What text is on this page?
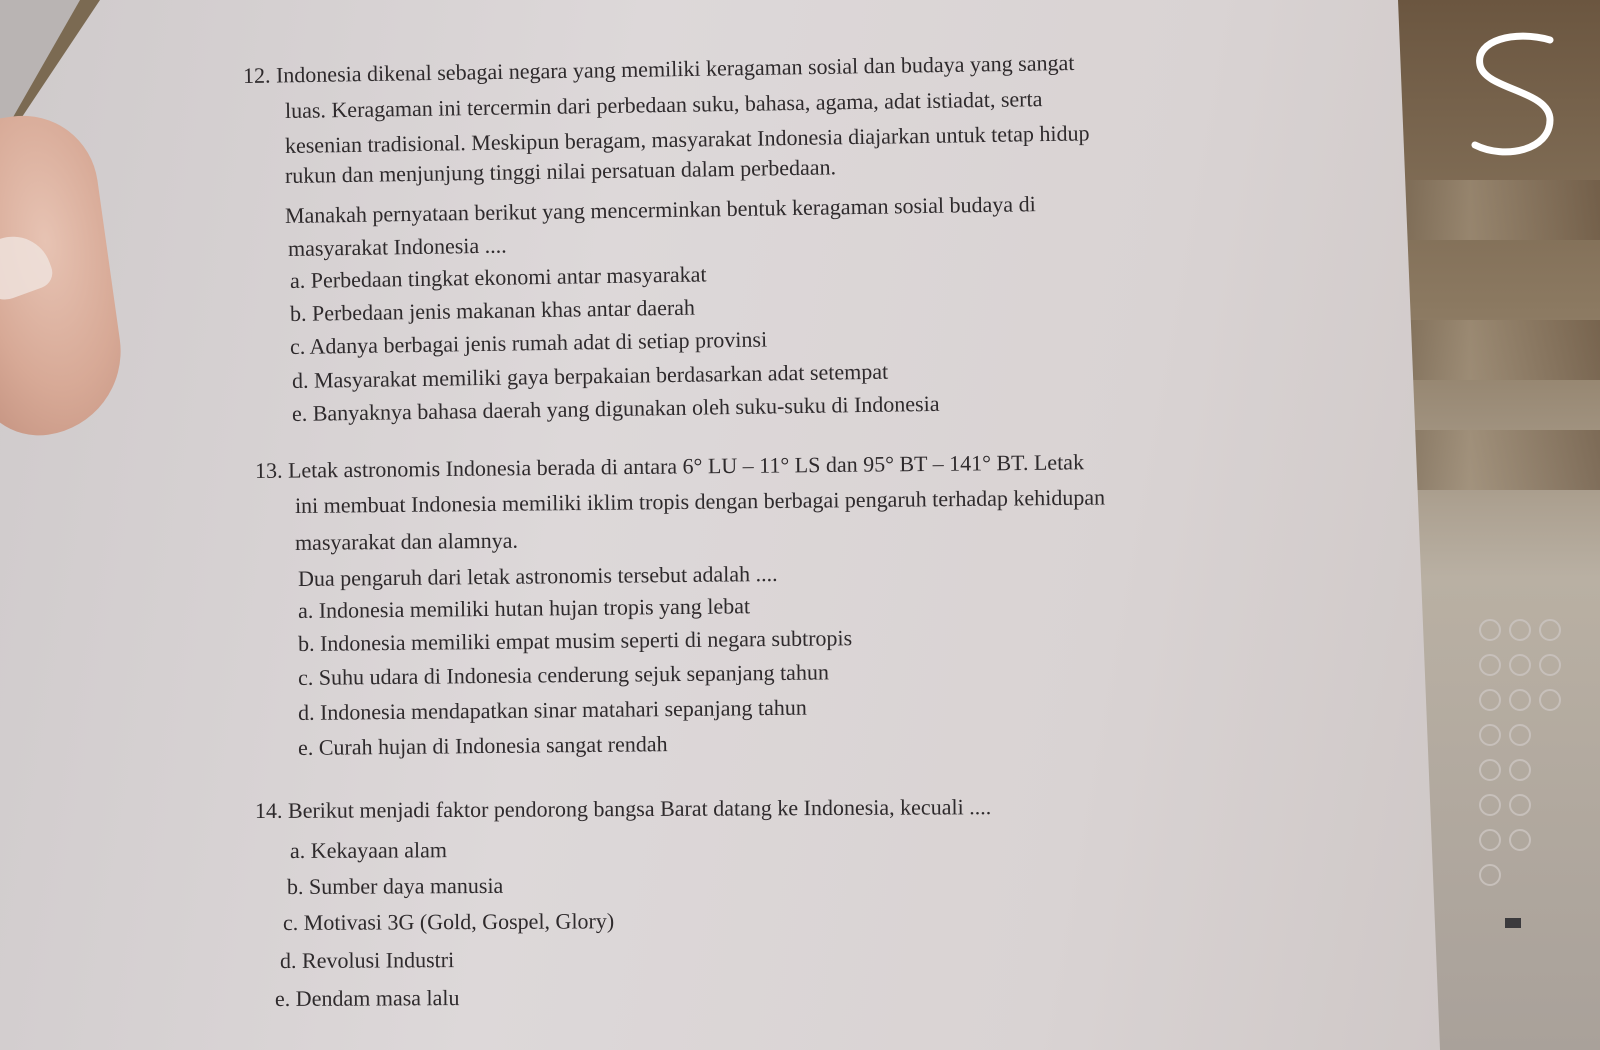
12. Indonesia dikenal sebagai negara yang memiliki keragaman sosial dan budaya yang sangat
luas. Keragaman ini tercermin dari perbedaan suku, bahasa, agama, adat istiadat, serta
kesenian tradisional. Meskipun beragam, masyarakat Indonesia diajarkan untuk tetap hidup
rukun dan menjunjung tinggi nilai persatuan dalam perbedaan.
Manakah pernyataan berikut yang mencerminkan bentuk keragaman sosial budaya di
masyarakat Indonesia ....
a. Perbedaan tingkat ekonomi antar masyarakat
b. Perbedaan jenis makanan khas antar daerah
c. Adanya berbagai jenis rumah adat di setiap provinsi
d. Masyarakat memiliki gaya berpakaian berdasarkan adat setempat
e. Banyaknya bahasa daerah yang digunakan oleh suku-suku di Indonesia
13. Letak astronomis Indonesia berada di antara 6° LU – 11° LS dan 95° BT – 141° BT. Letak
ini membuat Indonesia memiliki iklim tropis dengan berbagai pengaruh terhadap kehidupan
masyarakat dan alamnya.
Dua pengaruh dari letak astronomis tersebut adalah ....
a. Indonesia memiliki hutan hujan tropis yang lebat
b. Indonesia memiliki empat musim seperti di negara subtropis
c. Suhu udara di Indonesia cenderung sejuk sepanjang tahun
d. Indonesia mendapatkan sinar matahari sepanjang tahun
e. Curah hujan di Indonesia sangat rendah
14. Berikut menjadi faktor pendorong bangsa Barat datang ke Indonesia, kecuali ....
a. Kekayaan alam
b. Sumber daya manusia
c. Motivasi 3G (Gold, Gospel, Glory)
d. Revolusi Industri
e. Dendam masa lalu
